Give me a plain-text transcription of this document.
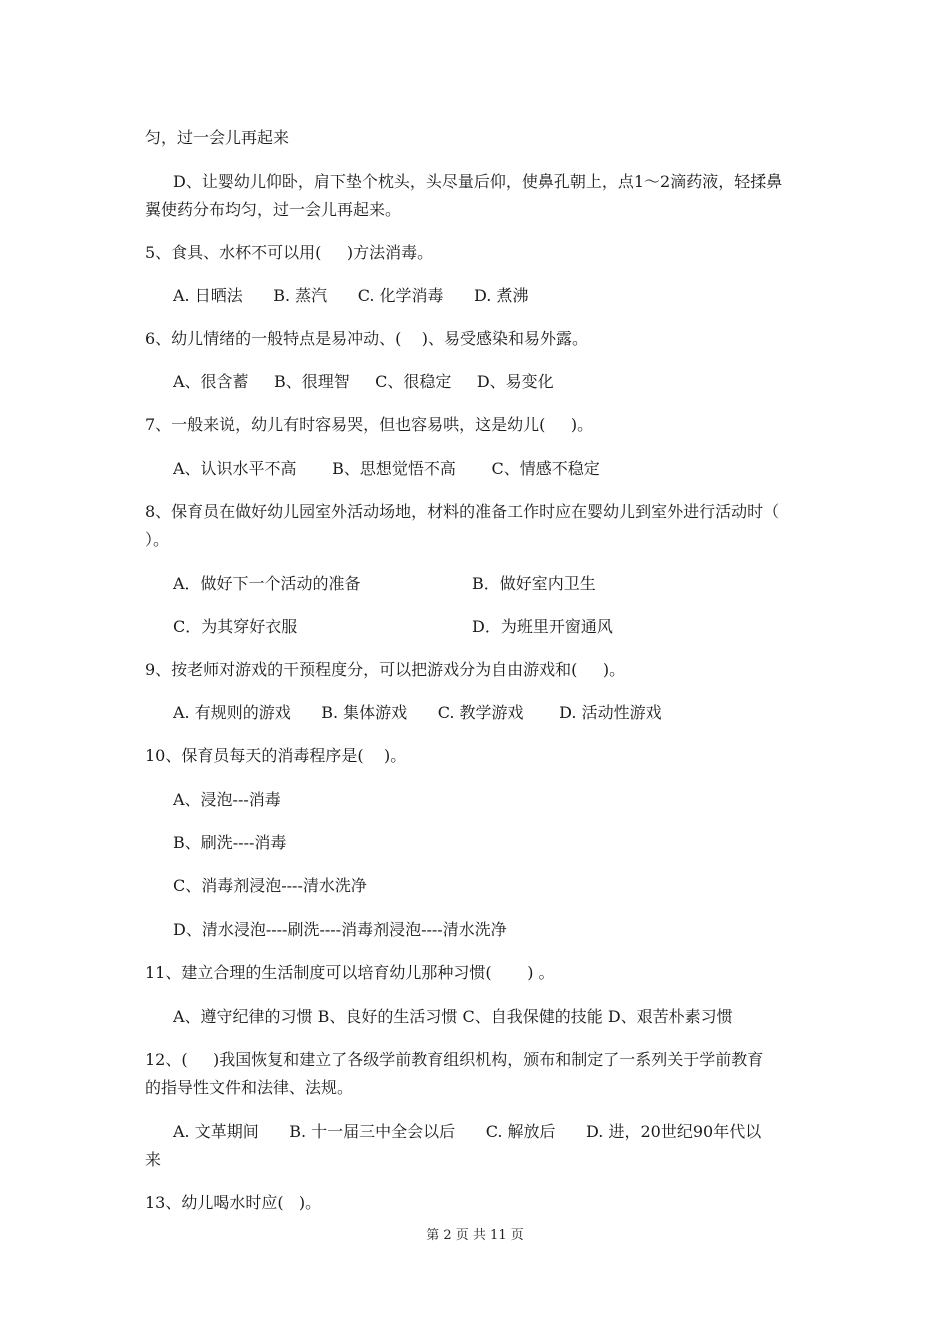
匀，过一会儿再起来
D、让婴幼儿仰卧，肩下垫个枕头，头尽量后仰，使鼻孔朝上，点1～2滴药液，轻揉鼻
翼使药分布均匀，过一会儿再起来。
5、食具、水杯不可以用(     )方法消毒。
A. 日晒法      B. 蒸汽      C. 化学消毒      D. 煮沸
6、幼儿情绪的一般特点是易冲动、(    )、易受感染和易外露。
A、很含蓄     B、很理智     C、很稳定     D、易变化
7、一般来说，幼儿有时容易哭，但也容易哄，这是幼儿(     )。
A、认识水平不高       B、思想觉悟不高       C、情感不稳定
8、保育员在做好幼儿园室外活动场地，材料的准备工作时应在婴幼儿到室外进行活动时（
）。
A．做好下一个活动的准备	B．做好室内卫生
C．为其穿好衣服	D．为班里开窗通风
9、按老师对游戏的干预程度分，可以把游戏分为自由游戏和(     )。
A. 有规则的游戏      B. 集体游戏      C. 教学游戏       D. 活动性游戏
10、保育员每天的消毒程序是(    )。
A、浸泡---消毒
B、刷洗----消毒
C、消毒剂浸泡----清水洗净
D、清水浸泡----刷洗----消毒剂浸泡----清水洗净
11、建立合理的生活制度可以培育幼儿那种习惯(       ) 。
A、遵守纪律的习惯 B、良好的生活习惯 C、自我保健的技能 D、艰苦朴素习惯
12、(     )我国恢复和建立了各级学前教育组织机构，颁布和制定了一系列关于学前教育
的指导性文件和法律、法规。
A. 文革期间      B. 十一届三中全会以后      C. 解放后      D. 进，20世纪90年代以
来
13、幼儿喝水时应(   )。
第 2 页 共 11 页
